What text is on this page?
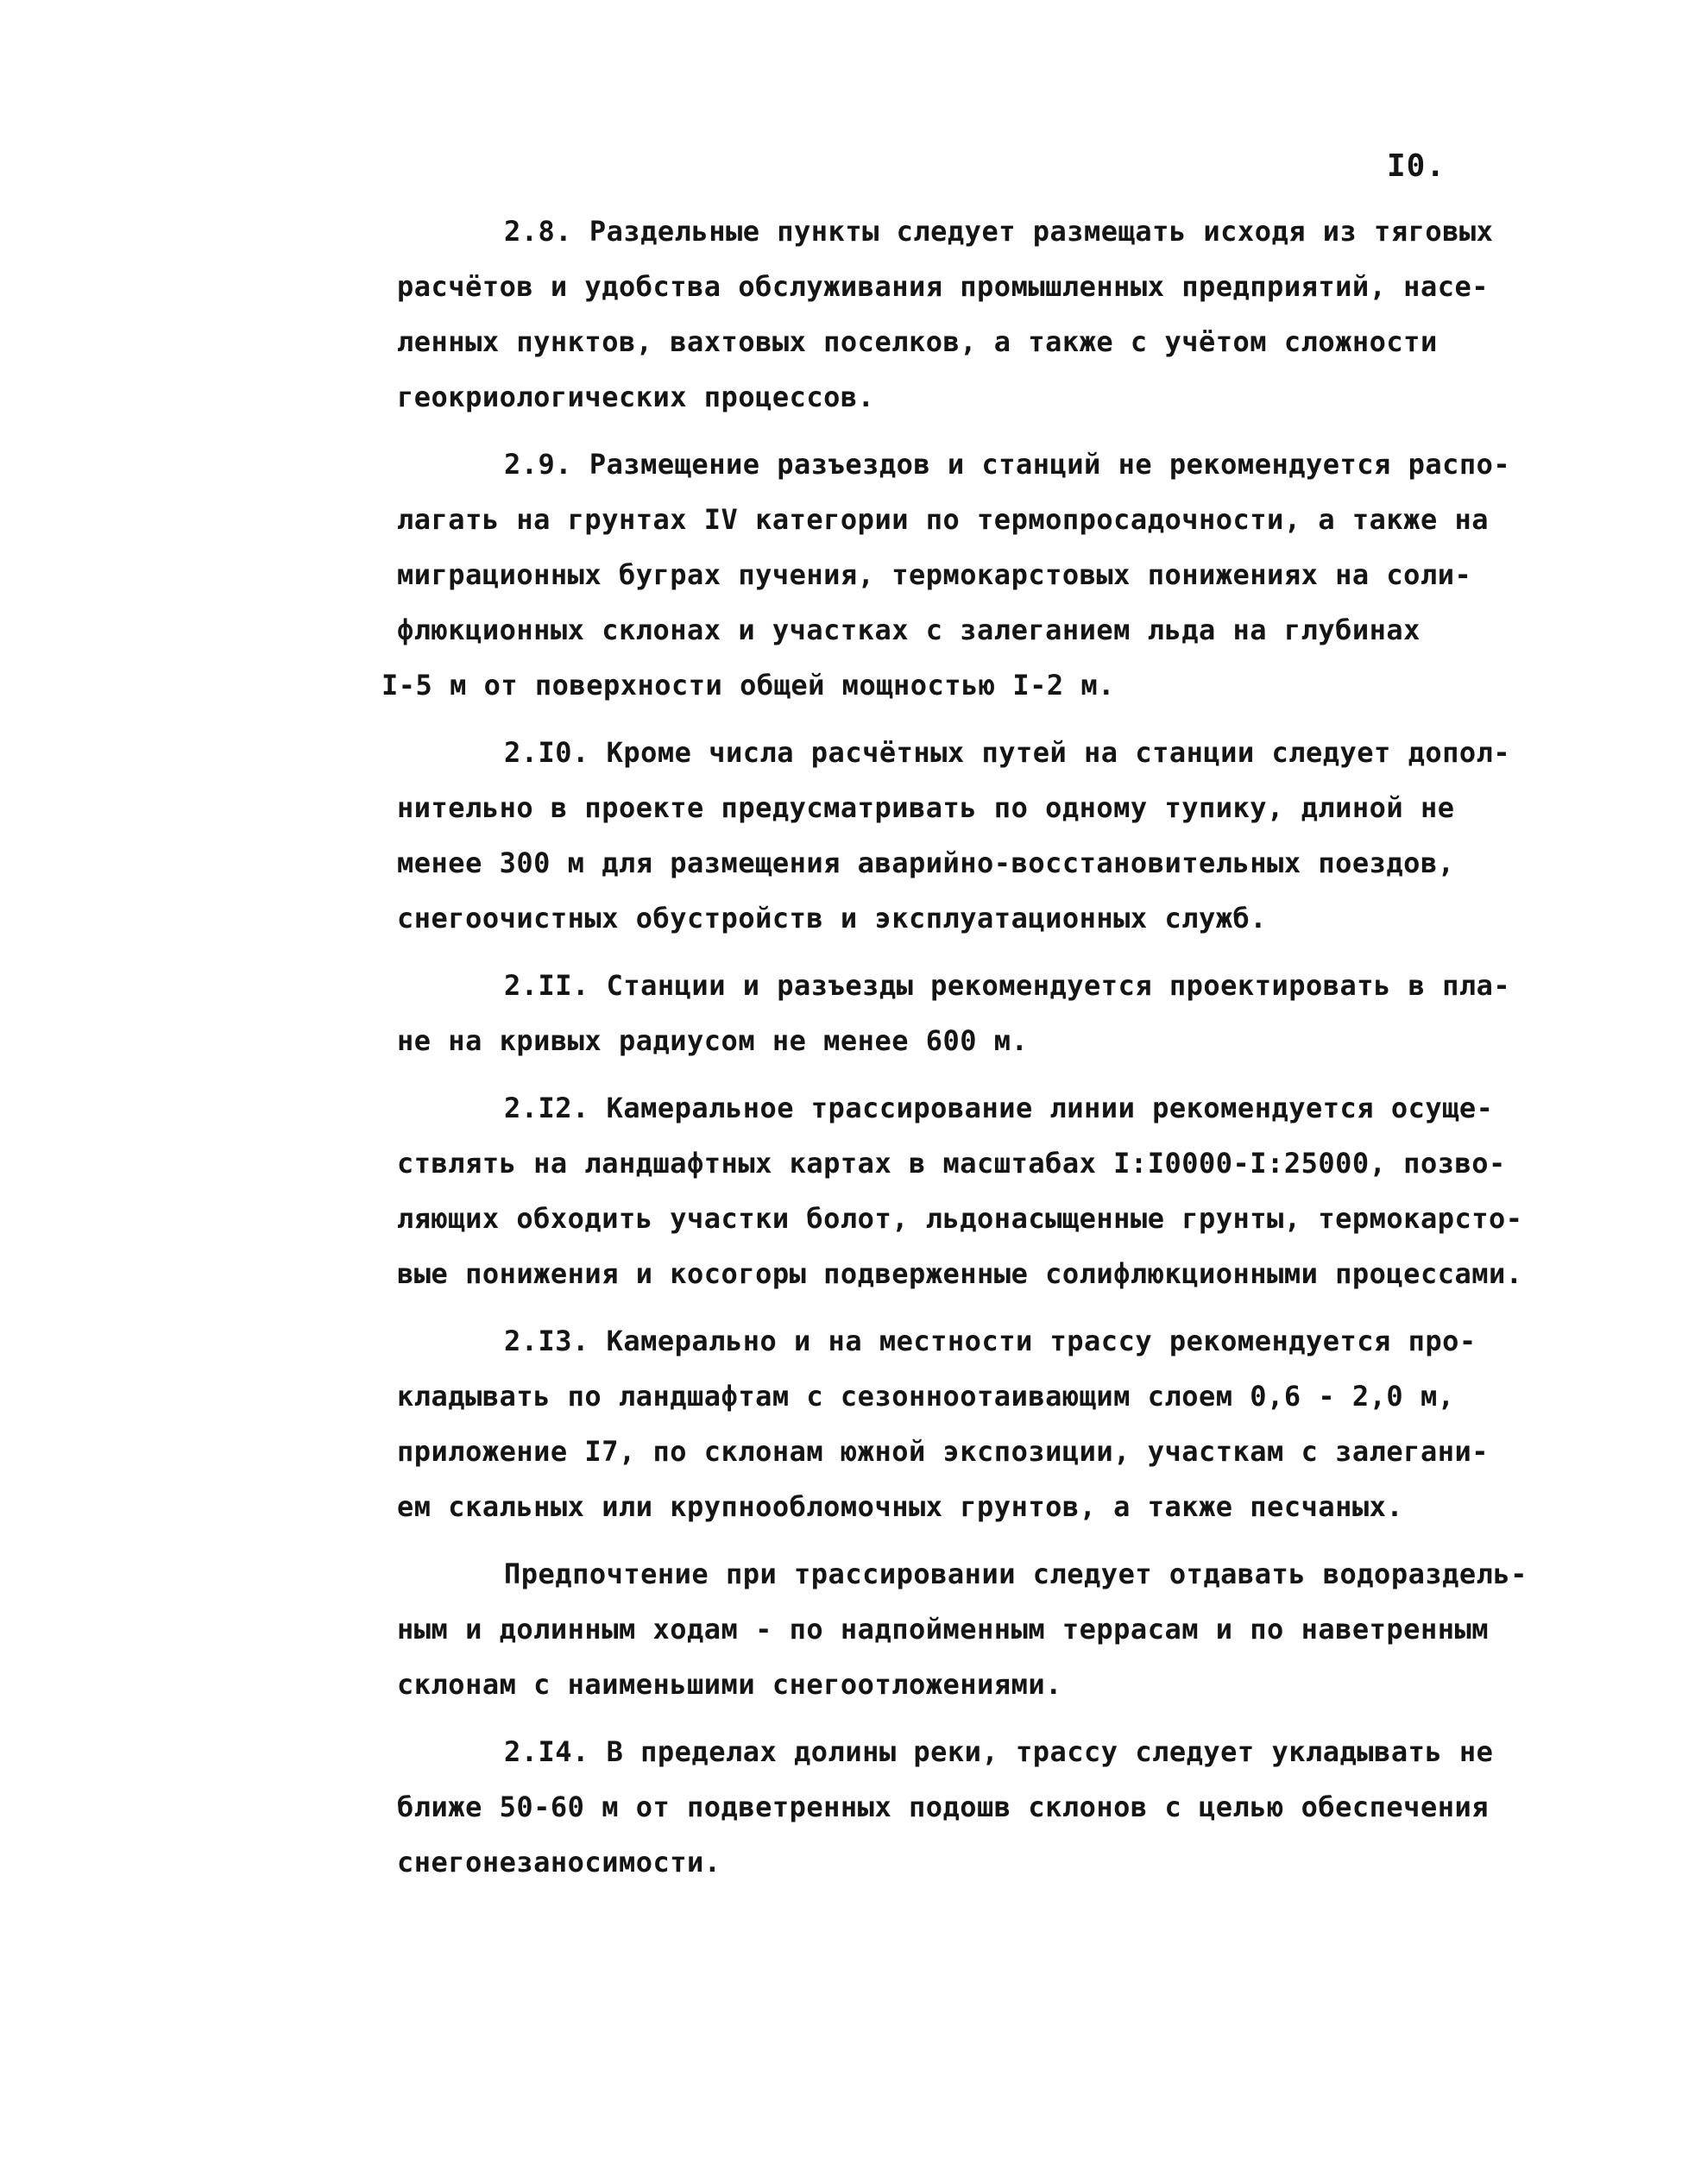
I0.
2.8. Раздельные пункты следует размещать исходя из тяговых
расчётов и удобства обслуживания промышленных предприятий, насе-
ленных пунктов, вахтовых поселков, а также с учётом сложности
геокриологических процессов.
2.9. Размещение разъездов и станций не рекомендуется распо-
лагать на грунтах IV категории по термопросадочности, а также на
миграционных буграх пучения, термокарстовых понижениях на соли-
флюкционных склонах и участках с залеганием льда на глубинах
I-5 м от поверхности общей мощностью I-2 м.
2.I0. Кроме числа расчётных путей на станции следует допол-
нительно в проекте предусматривать по одному тупику, длиной не
менее 300 м для размещения аварийно-восстановительных поездов,
снегоочистных обустройств и эксплуатационных служб.
2.II. Станции и разъезды рекомендуется проектировать в пла-
не на кривых радиусом не менее 600 м.
2.I2. Камеральное трассирование линии рекомендуется осуще-
ствлять на ландшафтных картах в масштабах I:I0000-I:25000, позво-
ляющих обходить участки болот, льдонасыщенные грунты, термокарсто-
вые понижения и косогоры подверженные солифлюкционными процессами.
2.I3. Камерально и на местности трассу рекомендуется про-
кладывать по ландшафтам с сезонноотаивающим слоем 0,6 - 2,0 м,
приложение I7, по склонам южной экспозиции, участкам с залегани-
ем скальных или крупнообломочных грунтов, а также песчаных.
Предпочтение при трассировании следует отдавать водораздель-
ным и долинным ходам - по надпойменным террасам и по наветренным
склонам с наименьшими снегоотложениями.
2.I4. В пределах долины реки, трассу следует укладывать не
ближе 50-60 м от подветренных подошв склонов с целью обеспечения
снегонезаносимости.
